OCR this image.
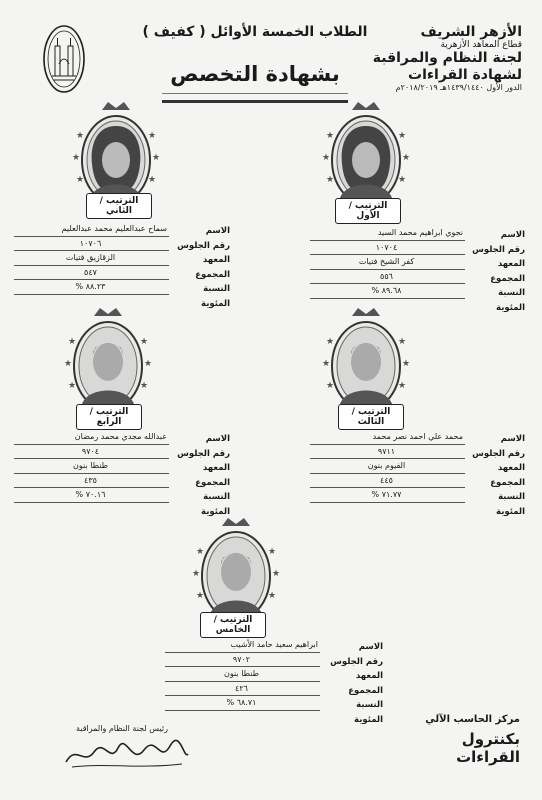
الطلاب الخمسة الأوائل ( كفيف )
بشهادة التخصص
الأزهر الشريف
قطاع المعاهد الأزهرية
لجنة النظام والمراقبة
لشهادة القراءات
الدور الأول ١٤٣٩/١٤٤٠هـ ٢٠١٨/٢٠١٩م
★
★
★
★
★
★
الترتيب / الأول
★
★
★
★
★
★
الترتيب / الثاني
★
★
★
★
★
★
الترتيب / الثالث
★
★
★
★
★
★
الترتيب / الرابع
★
★
★
★
★
★
الترتيب / الخامس
الاسم
رقم الجلوس
المعهد
المجموع
النسبة المئوية
الاسم
رقم الجلوس
المعهد
المجموع
النسبة المئوية
الاسم
رقم الجلوس
المعهد
المجموع
النسبة المئوية
الاسم
رقم الجلوس
المعهد
المجموع
النسبة المئوية
الاسم
رقم الجلوس
المعهد
المجموع
النسبة المئوية
نجوي ابراهيم محمد السيد
١٠٧٠٤
كفر الشيخ فتيات
٥٥٦
٨٩.٦٨ %
سماح عبدالعليم محمد عبدالعليم
١٠٧٠٦
الزقازيق فتيات
٥٤٧
٨٨.٢٣ %
محمد علي احمد نصر محمد
٩٧١١
الفيوم بنون
٤٤٥
٧١.٧٧ %
عبدالله مجدي محمد رمضان
٩٧٠٤
طنطا بنون
٤٣٥
٧٠.١٦ %
ابراهيم سعيد حامد الأشيب
٩٧٠٢
طنطا بنون
٤٢٦
٦٨.٧١ %
مركز الحاسب الآلي
بكنترول القراءات
رئيس لجنة النظام والمراقبة
